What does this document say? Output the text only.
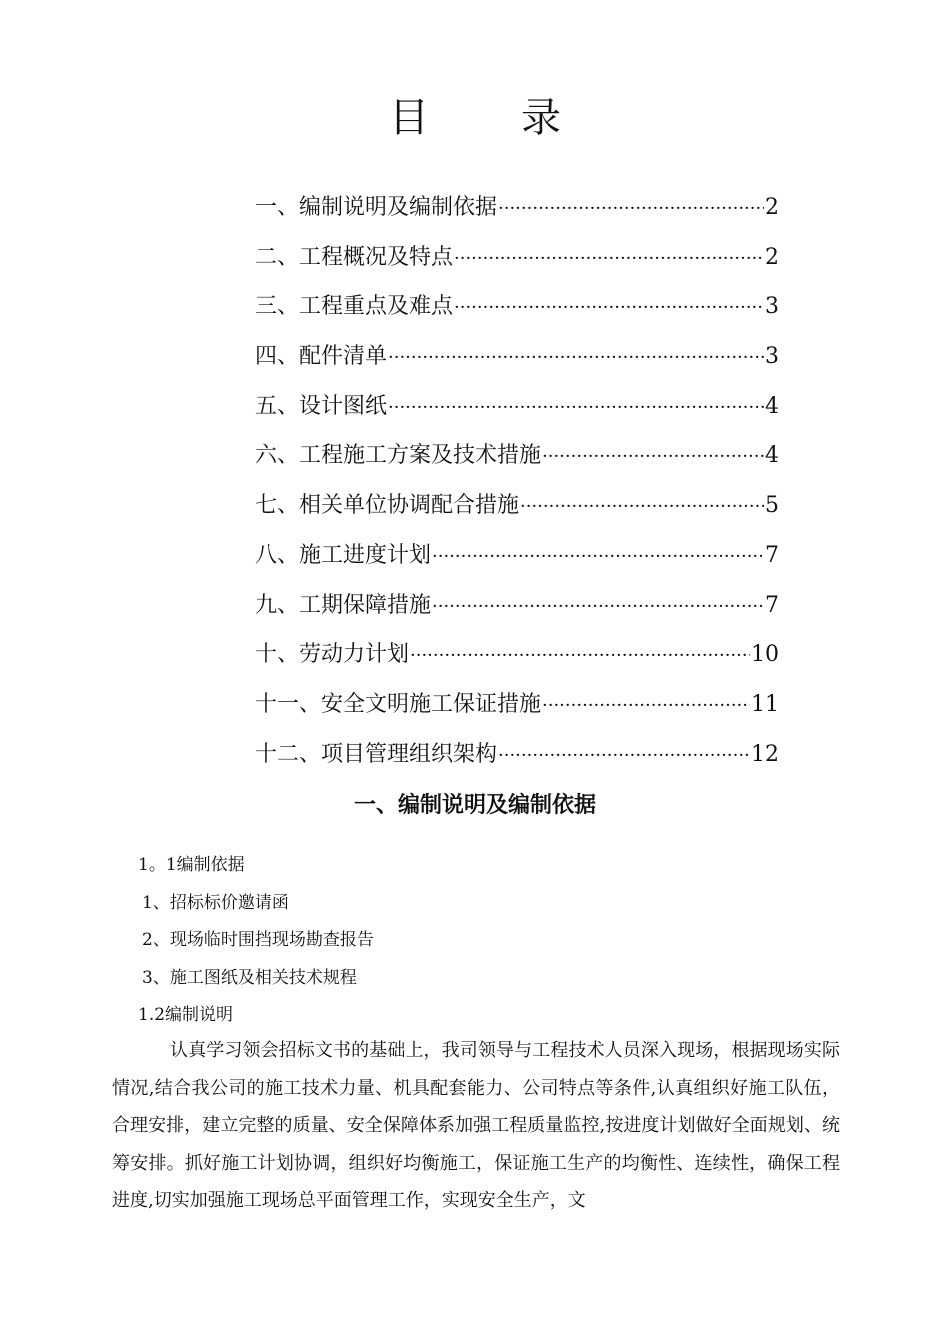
目 录
一、编制说明及编制依据 ·····	2
二、工程概况及特点 ·····	2
三、工程重点及难点 ·····	3
四、配件清单 ·····	3
五、设计图纸 ·····	4
六、工程施工方案及技术措施 ·····	4
七、相关单位协调配合措施 ·····	5
八、施工进度计划 ·····	7
九、工期保障措施 ·····	7
十、劳动力计划 ·····	10
十一、安全文明施工保证措施 ·····	11
十二、项目管理组织架构 ·····	12
一、编制说明及编制依据
1。1编制依据
1、招标标价邀请函
2、现场临时围挡现场勘查报告
3、施工图纸及相关技术规程
1.2编制说明
认真学习领会招标文书的基础上，我司领导与工程技术人员深入现场，根据现场实际情况,结合我公司的施工技术力量、机具配套能力、公司特点等条件,认真组织好施工队伍，合理安排，建立完整的质量、安全保障体系加强工程质量监控,按进度计划做好全面规划、统筹安排。抓好施工计划协调，组织好均衡施工，保证施工生产的均衡性、连续性，确保工程进度,切实加强施工现场总平面管理工作，实现安全生产，文
